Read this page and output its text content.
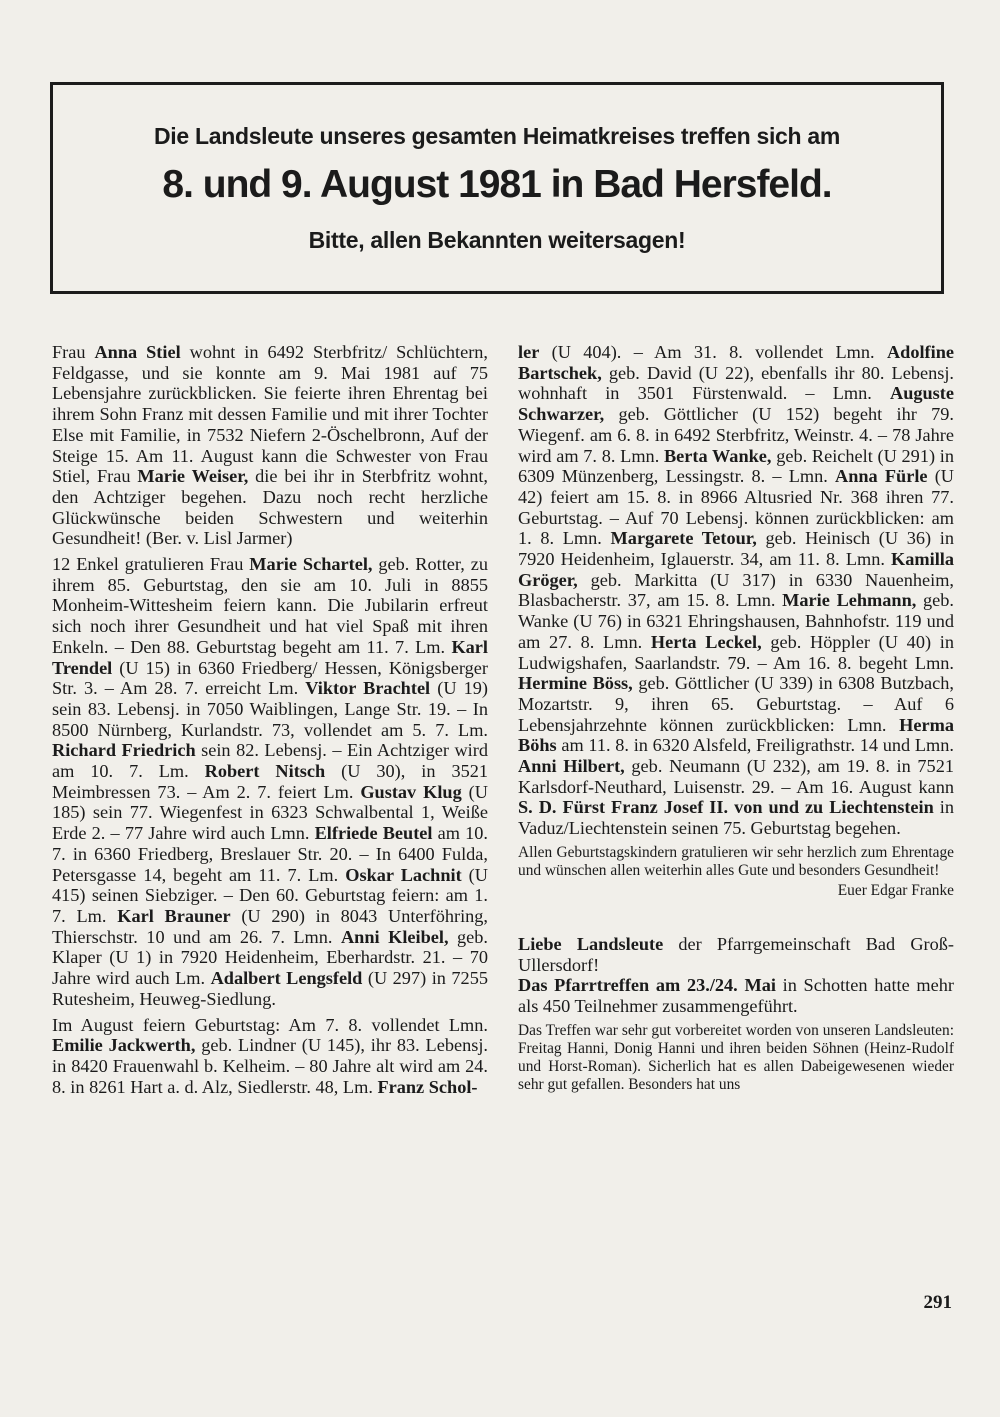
Die Landsleute unseres gesamten Heimatkreises treffen sich am
8. und 9. August 1981 in Bad Hersfeld.
Bitte, allen Bekannten weitersagen!

Frau Anna Stiel wohnt in 6492 Sterbfritz/ Schlüchtern, Feldgasse, und sie konnte am 9. Mai 1981 auf 75 Lebensjahre zurückblicken. Sie feierte ihren Ehrentag bei ihrem Sohn Franz mit dessen Familie und mit ihrer Tochter Else mit Familie, in 7532 Niefern 2-Öschelbronn, Auf der Steige 15. Am 11. August kann die Schwester von Frau Stiel, Frau Marie Weiser, die bei ihr in Sterbfritz wohnt, den Achtziger begehen. Dazu noch recht herzliche Glückwünsche beiden Schwestern und weiterhin Gesundheit! (Ber. v. Lisl Jarmer)

12 Enkel gratulieren Frau Marie Schartel, geb. Rotter, zu ihrem 85. Geburtstag, den sie am 10. Juli in 8855 Monheim-Wittesheim feiern kann. Die Jubilarin erfreut sich noch ihrer Gesundheit und hat viel Spaß mit ihren Enkeln. – Den 88. Geburtstag begeht am 11. 7. Lm. Karl Trendel (U 15) in 6360 Friedberg/ Hessen, Königsberger Str. 3. – Am 28. 7. erreicht Lm. Viktor Brachtel (U 19) sein 83. Lebensj. in 7050 Waiblingen, Lange Str. 19. – In 8500 Nürnberg, Kurlandstr. 73, vollendet am 5. 7. Lm. Richard Friedrich sein 82. Lebensj. – Ein Achtziger wird am 10. 7. Lm. Robert Nitsch (U 30), in 3521 Meimbressen 73. – Am 2. 7. feiert Lm. Gustav Klug (U 185) sein 77. Wiegenfest in 6323 Schwalbental 1, Weiße Erde 2. – 77 Jahre wird auch Lmn. Elfriede Beutel am 10. 7. in 6360 Friedberg, Breslauer Str. 20. – In 6400 Fulda, Petersgasse 14, begeht am 11. 7. Lm. Oskar Lachnit (U 415) seinen Siebziger. – Den 60. Geburtstag feiern: am 1. 7. Lm. Karl Brauner (U 290) in 8043 Unterföhring, Thierschstr. 10 und am 26. 7. Lmn. Anni Kleibel, geb. Klaper (U 1) in 7920 Heidenheim, Eberhardstr. 21. – 70 Jahre wird auch Lm. Adalbert Lengsfeld (U 297) in 7255 Rutesheim, Heuweg-Siedlung.

Im August feiern Geburtstag: Am 7. 8. vollendet Lmn. Emilie Jackwerth, geb. Lindner (U 145), ihr 83. Lebensj. in 8420 Frauenwahl b. Kelheim. – 80 Jahre alt wird am 24. 8. in 8261 Hart a. d. Alz, Siedlerstr. 48, Lm. Franz Schol-

ler (U 404). – Am 31. 8. vollendet Lmn. Adolfine Bartschek, geb. David (U 22), ebenfalls ihr 80. Lebensj. wohnhaft in 3501 Fürstenwald. – Lmn. Auguste Schwarzer, geb. Göttlicher (U 152) begeht ihr 79. Wiegenf. am 6. 8. in 6492 Sterbfritz, Weinstr. 4. – 78 Jahre wird am 7. 8. Lmn. Berta Wanke, geb. Reichelt (U 291) in 6309 Münzenberg, Lessingstr. 8. – Lmn. Anna Fürle (U 42) feiert am 15. 8. in 8966 Altusried Nr. 368 ihren 77. Geburtstag. – Auf 70 Lebensj. können zurückblicken: am 1. 8. Lmn. Margarete Tetour, geb. Heinisch (U 36) in 7920 Heidenheim, Iglauerstr. 34, am 11. 8. Lmn. Kamilla Gröger, geb. Markitta (U 317) in 6330 Nauenheim, Blasbacherstr. 37, am 15. 8. Lmn. Marie Lehmann, geb. Wanke (U 76) in 6321 Ehringshausen, Bahnhofstr. 119 und am 27. 8. Lmn. Herta Leckel, geb. Höppler (U 40) in Ludwigshafen, Saarlandstr. 79. – Am 16. 8. begeht Lmn. Hermine Böss, geb. Göttlicher (U 339) in 6308 Butzbach, Mozartstr. 9, ihren 65. Geburtstag. – Auf 6 Lebensjahrzehnte können zurückblicken: Lmn. Herma Böhs am 11. 8. in 6320 Alsfeld, Freiligrathstr. 14 und Lmn. Anni Hilbert, geb. Neumann (U 232), am 19. 8. in 7521 Karlsdorf-Neuthard, Luisenstr. 29. – Am 16. August kann S. D. Fürst Franz Josef II. von und zu Liechtenstein in Vaduz/Liechtenstein seinen 75. Geburtstag begehen.

Allen Geburtstagskindern gratulieren wir sehr herzlich zum Ehrentage und wünschen allen weiterhin alles Gute und besonders Gesundheit!

Euer Edgar Franke

Liebe Landsleute der Pfarrgemeinschaft Bad Groß-Ullersdorf!

Das Pfarrtreffen am 23./24. Mai in Schotten hatte mehr als 450 Teilnehmer zusammengeführt.

Das Treffen war sehr gut vorbereitet worden von unseren Landsleuten: Freitag Hanni, Donig Hanni und ihren beiden Söhnen (Heinz-Rudolf und Horst-Roman). Sicherlich hat es allen Dabeigewesenen wieder sehr gut gefallen. Besonders hat uns

291
